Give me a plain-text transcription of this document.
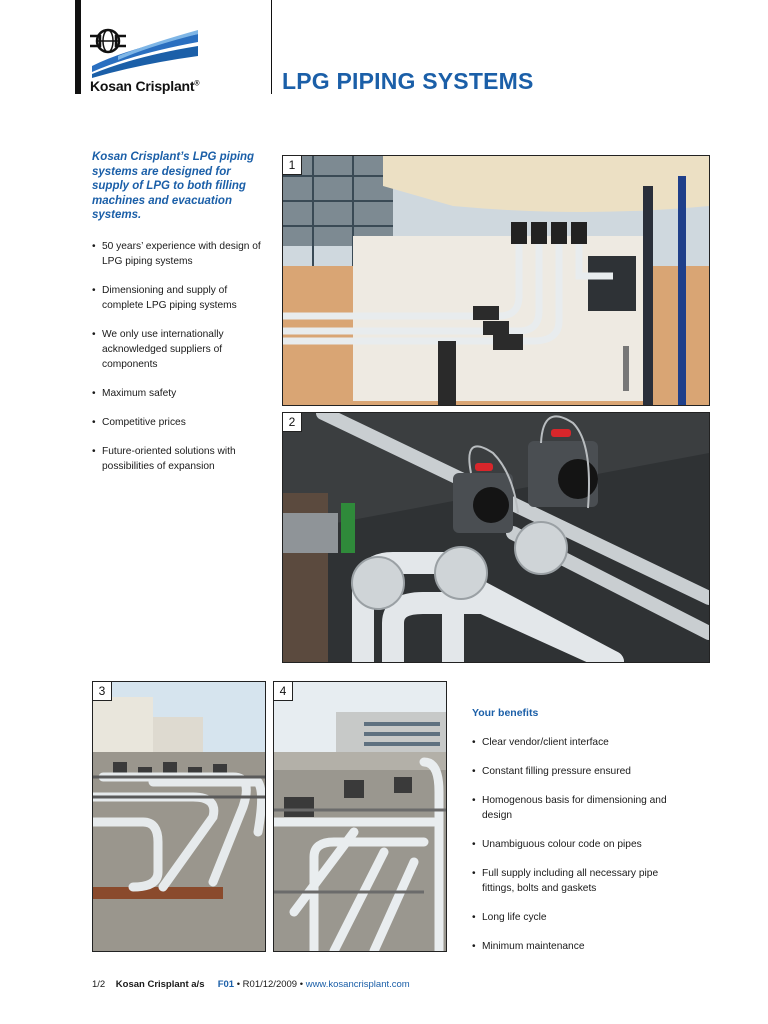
Kosan Crisplant®	LPG PIPING SYSTEMS
Kosan Crisplant’s LPG piping systems are designed for supply of LPG to both filling machines and evacuation systems.
• 50 years’ experience with design of LPG piping systems
• Dimensioning and supply of complete LPG piping systems
• We only use internationally acknowledged suppliers of components
• Maximum safety
• Competitive prices
• Future-oriented solutions with possibilities of expansion
1
2
3	4
Your benefits
• Clear vendor/client interface
• Constant filling pressure ensured
• Homogenous basis for dimensioning and design
• Unambiguous colour code on pipes
• Full supply including all necessary pipe fittings, bolts and gaskets
• Long life cycle
• Minimum maintenance
1/2 Kosan Crisplant a/s F01 • R01/12/2009 • www.kosancrisplant.com
